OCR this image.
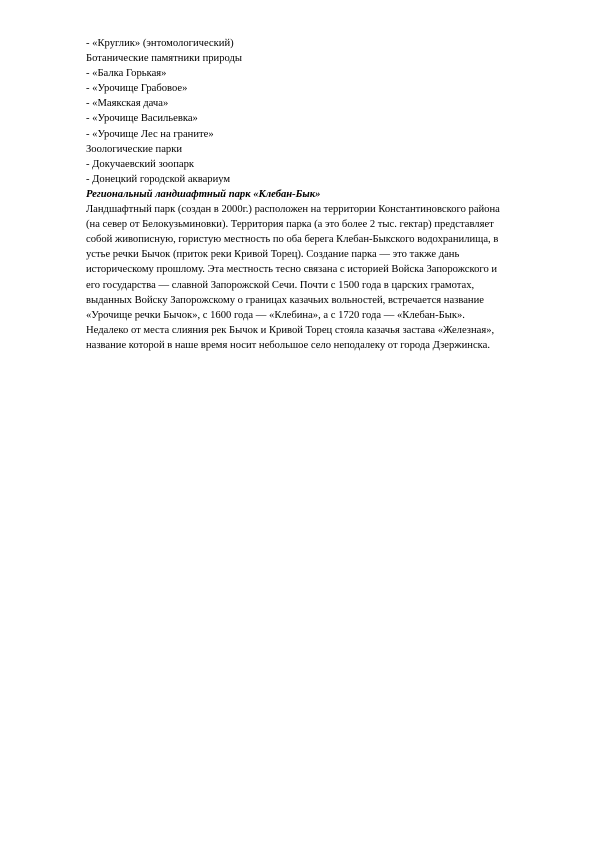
- «Круглик» (энтомологический)
Ботанические памятники природы
- «Балка Горькая»
- «Урочище Грабовое»
- «Маякская дача»
- «Урочище Васильевка»
- «Урочище Лес на граните»
Зоологические парки
- Докучаевский зоопарк
- Донецкий городской аквариум
Региональный ландшафтный парк «Клебан-Бык»
Ландшафтный парк (создан в 2000г.) расположен на территории Константиновского района
(на север от Белокузьминовки). Территория парка (а это более 2 тыс. гектар) представляет
собой живописную, гористую местность по оба берега Клебан-Быкского водохранилища, в
устье речки Бычок (приток реки Кривой Торец). Создание парка — это также дань
историческому прошлому. Эта местность тесно связана с историей Войска Запорожского и
его государства — славной Запорожской Сечи. Почти с 1500 года в царских грамотах,
выданных Войску Запорожскому о границах казачьих вольностей, встречается название
«Урочище речки Бычок», с 1600 года — «Клебина», а с 1720 года — «Клебан-Бык».
Недалеко от места слияния рек Бычок и Кривой Торец стояла казачья застава «Железная»,
название которой в наше время носит небольшое село неподалеку от города Дзержинска.
